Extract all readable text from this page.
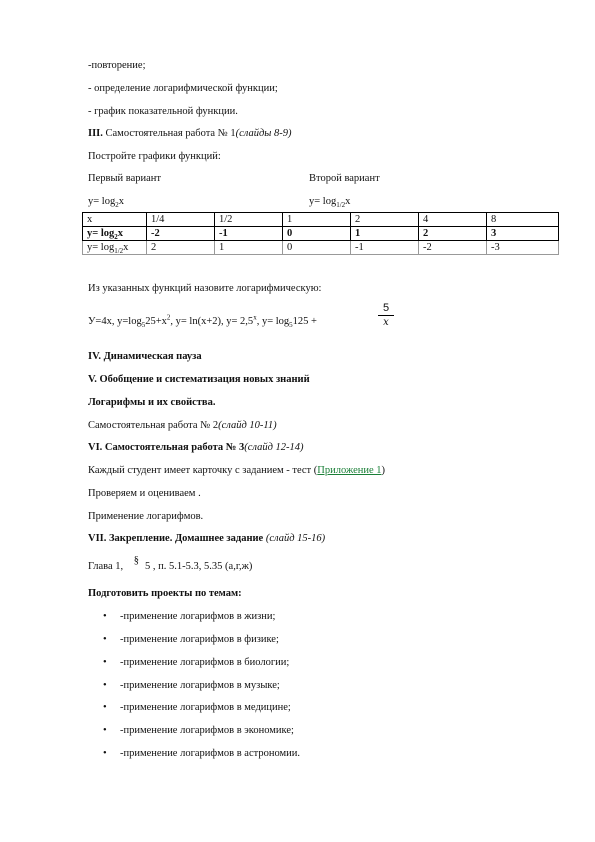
-повторение;
- определение логарифмической функции;
- график показательной функции.
III. Самостоятельная работа № 1(слайды 8-9)
Постройте графики функций:
Первый вариант	Второй вариант
$y= \log_2x$	$y= \log_{1/2}x$
x	1/4	1/2	1	2	4	8
$y= \log_2x$	-2	-1	0	1	2	3
$y= \log_{1/2}x$	2	1	0	-1	-2	-3
Из указанных функций назовите логарифмическую:
У=4x, $y=\log_525+x^2$, y= ln(x+2), $y= 2,5^x$, $y= \log_5125$ +
5
x
IV. Динамическая пауза
V. Обобщение и систематизация новых знаний
Логарифмы и их свойства.
Самостоятельная работа № 2(слайд 10-11)
VI. Самостоятельная работа № 3(слайд 12-14)
Каждый студент имеет карточку с заданием - тест (Приложение 1)
Проверяем и оцениваем .
Применение логарифмов.
VII. Закрепление. Домашнее задание (слайд 15-16)
Глава 1, §5 , п. 5.1-5.3, 5.35 (а,г,ж)
Подготовить проекты по темам:
• -применение логарифмов в жизни;
• -применение логарифмов в физике;
• -применение логарифмов в биологии;
• -применение логарифмов в музыке;
• -применение логарифмов в медицине;
• -применение логарифмов в экономике;
• -применение логарифмов в астрономии.
